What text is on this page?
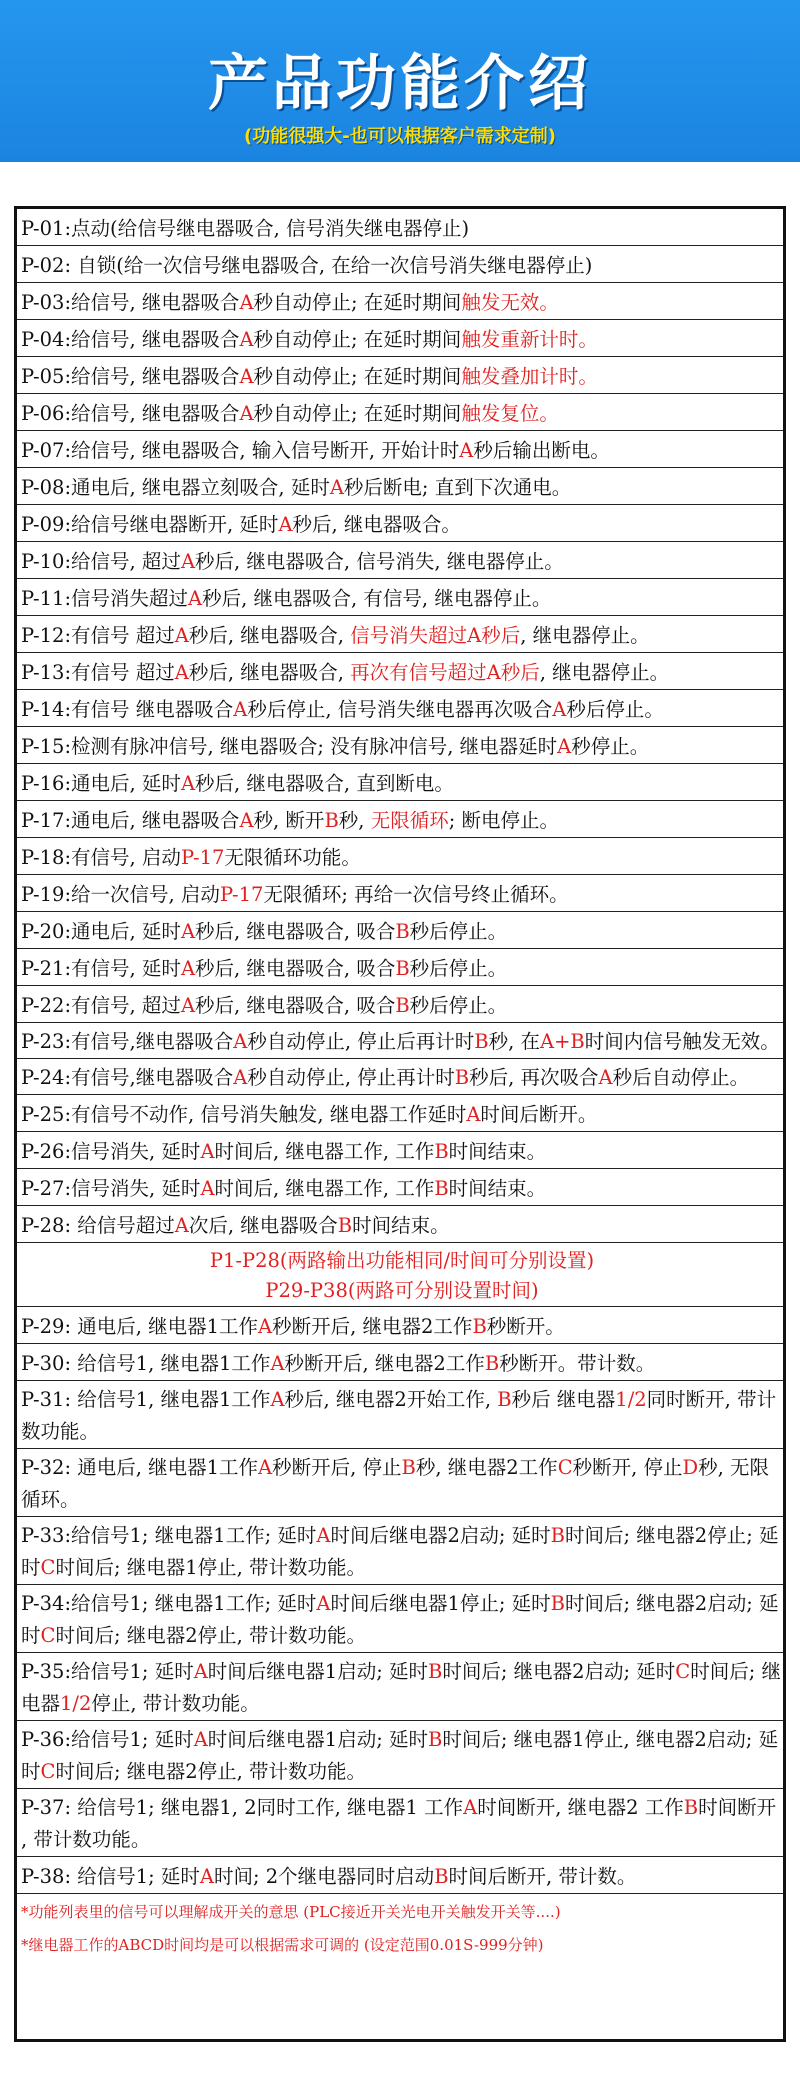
产品功能介绍
(功能很强大-也可以根据客户需求定制)
P-01:点动(给信号继电器吸合, 信号消失继电器停止)
P-02: 自锁(给一次信号继电器吸合, 在给一次信号消失继电器停止)
P-03:给信号, 继电器吸合A秒自动停止; 在延时期间触发无效。
P-04:给信号, 继电器吸合A秒自动停止; 在延时期间触发重新计时。
P-05:给信号, 继电器吸合A秒自动停止; 在延时期间触发叠加计时。
P-06:给信号, 继电器吸合A秒自动停止; 在延时期间触发复位。
P-07:给信号, 继电器吸合, 输入信号断开, 开始计时A秒后输出断电。
P-08:通电后, 继电器立刻吸合, 延时A秒后断电; 直到下次通电。
P-09:给信号继电器断开, 延时A秒后, 继电器吸合。
P-10:给信号, 超过A秒后, 继电器吸合, 信号消失, 继电器停止。
P-11:信号消失超过A秒后, 继电器吸合, 有信号, 继电器停止。
P-12:有信号 超过A秒后, 继电器吸合, 信号消失超过A秒后, 继电器停止。
P-13:有信号 超过A秒后, 继电器吸合, 再次有信号超过A秒后, 继电器停止。
P-14:有信号 继电器吸合A秒后停止, 信号消失继电器再次吸合A秒后停止。
P-15:检测有脉冲信号, 继电器吸合; 没有脉冲信号, 继电器延时A秒停止。
P-16:通电后, 延时A秒后, 继电器吸合, 直到断电。
P-17:通电后, 继电器吸合A秒, 断开B秒, 无限循环; 断电停止。
P-18:有信号, 启动P-17无限循环功能。
P-19:给一次信号, 启动P-17无限循环; 再给一次信号终止循环。
P-20:通电后, 延时A秒后, 继电器吸合, 吸合B秒后停止。
P-21:有信号, 延时A秒后, 继电器吸合, 吸合B秒后停止。
P-22:有信号, 超过A秒后, 继电器吸合, 吸合B秒后停止。
P-23:有信号,继电器吸合A秒自动停止, 停止后再计时B秒, 在A+B时间内信号触发无效。
P-24:有信号,继电器吸合A秒自动停止, 停止再计时B秒后, 再次吸合A秒后自动停止。
P-25:有信号不动作, 信号消失触发, 继电器工作延时A时间后断开。
P-26:信号消失, 延时A时间后, 继电器工作, 工作B时间结束。
P-27:信号消失, 延时A时间后, 继电器工作, 工作B时间结束。
P-28: 给信号超过A次后, 继电器吸合B时间结束。
P1-P28(两路输出功能相同/时间可分别设置)
P29-P38(两路可分别设置时间)
P-29: 通电后, 继电器1工作A秒断开后, 继电器2工作B秒断开。
P-30: 给信号1, 继电器1工作A秒断开后, 继电器2工作B秒断开。带计数。
P-31: 给信号1, 继电器1工作A秒后, 继电器2开始工作, B秒后 继电器1/2同时断开, 带计数功能。
P-32: 通电后, 继电器1工作A秒断开后, 停止B秒, 继电器2工作C秒断开, 停止D秒, 无限循环。
P-33:给信号1; 继电器1工作; 延时A时间后继电器2启动; 延时B时间后; 继电器2停止; 延时C时间后; 继电器1停止, 带计数功能。
P-34:给信号1; 继电器1工作; 延时A时间后继电器1停止; 延时B时间后; 继电器2启动; 延时C时间后; 继电器2停止, 带计数功能。
P-35:给信号1; 延时A时间后继电器1启动; 延时B时间后; 继电器2启动; 延时C时间后; 继电器1/2停止, 带计数功能。
P-36:给信号1; 延时A时间后继电器1启动; 延时B时间后; 继电器1停止, 继电器2启动; 延时C时间后; 继电器2停止, 带计数功能。
P-37: 给信号1; 继电器1, 2同时工作, 继电器1 工作A时间断开, 继电器2 工作B时间断开 , 带计数功能。
P-38: 给信号1; 延时A时间; 2个继电器同时启动B时间后断开, 带计数。
*功能列表里的信号可以理解成开关的意思 (PLC接近开关光电开关触发开关等....)
*继电器工作的ABCD时间均是可以根据需求可调的 (设定范围0.01S-999分钟)
